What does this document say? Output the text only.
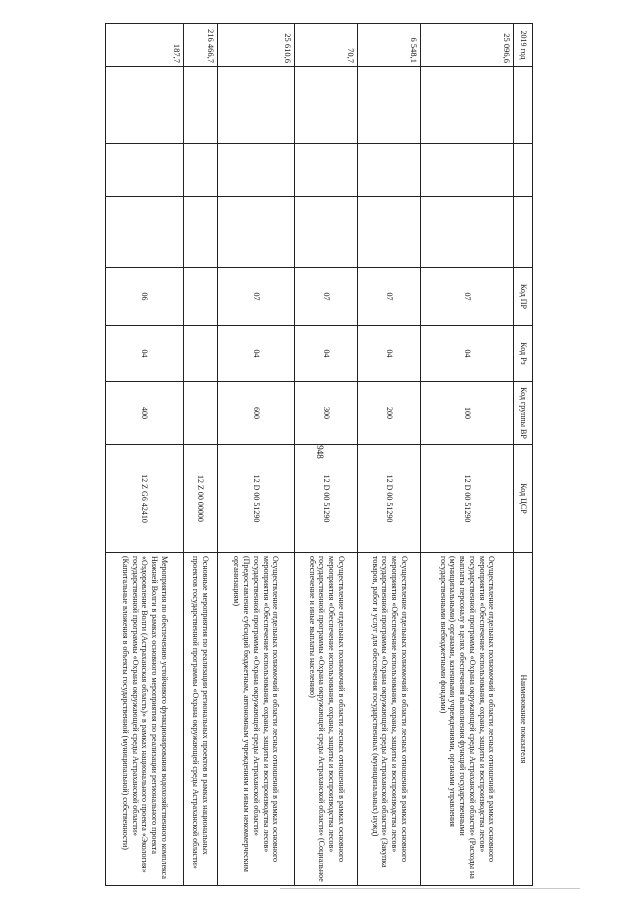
948
2019 год				Код ПР	Код Рз	Код группы ВР	Код ЦСР	Наименование показателя
25 096,6				07	04	100	12 D 00 51290	Осуществление отдельных полномочий в области лесных отношений в рамках основного мероприятия «Обеспечение использования, охраны, защиты и воспроизводства лесов» государственной программы «Охрана окружающей среды Астраханской области» (Расходы на выплаты персоналу в целях обеспечения выполнения функций государственными (муниципальными) органами, казенными учреждениями, органами управления государственными внебюджетными фондами)
6 548,1				07	04	200	12 D 00 51290	Осуществление отдельных полномочий в области лесных отношений в рамках основного мероприятия «Обеспечение использования, охраны, защиты и воспроизводства лесов» государственной программы «Охрана окружающей среды Астраханской области» (Закупка товаров, работ и услуг для обеспечения государственных (муниципальных) нужд)
70,7				07	04	300	12 D 00 51290	Осуществление отдельных полномочий в области лесных отношений в рамках основного мероприятия «Обеспечение использования, охраны, защиты и воспроизводства лесов» государственной программы «Охрана окружающей среды Астраханской области» (Социальное обеспечение и иные выплаты населению)
25 610,6				07	04	600	12 D 00 51290	Осуществление отдельных полномочий в области лесных отношений в рамках основного мероприятия «Обеспечение использования, охраны, защиты и воспроизводства лесов» государственной программы «Охрана окружающей среды Астраханской области» (Предоставление субсидий бюджетным, автономным учреждениям и иным некоммерческим организациям)
216 466,7							12 Z 00 00000	Основные мероприятия по реализации региональных проектов в рамках национальных проектов государственной программы «Охрана окружающей среды Астраханской области»
187,7				06	04	400	12 Z G6 42410	Мероприятия по обеспечению устойчивого функционирования водохозяйственного комплекса Нижней Волги в рамках основного мероприятия по реализации регионального проекта «Оздоровление Волги (Астраханская область)» в рамках национального проекта «Экология» государственной программы «Охрана окружающей среды Астраханской области» (Капитальные вложения в объекты государственной (муниципальной) собственности)
